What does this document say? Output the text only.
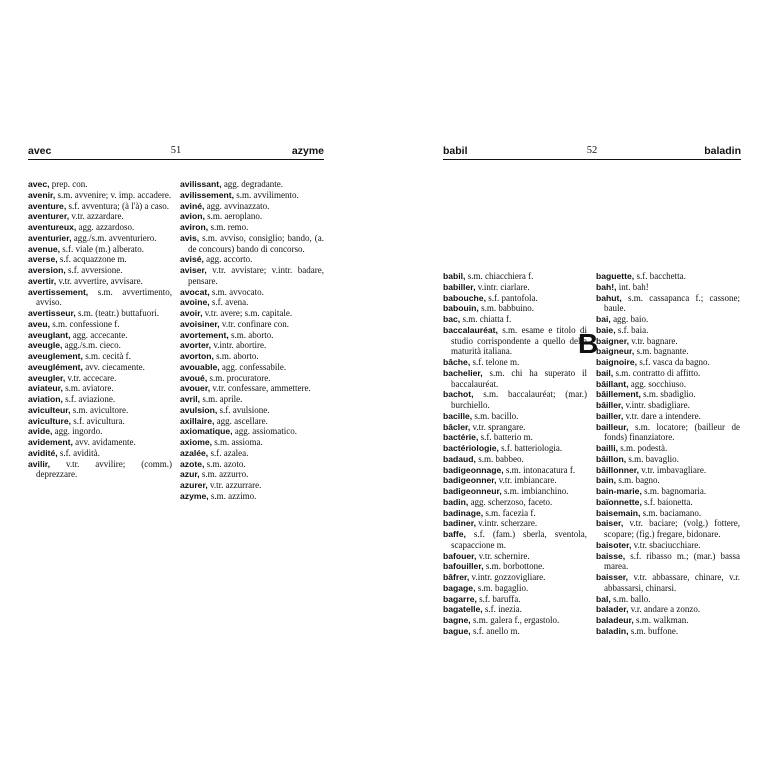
avec	51	azyme
avec, prep. con.
avenir, s.m. avvenire; v. imp. accadere.
aventure, s.f. avventura; (à l'à) a caso.
aventurer, v.tr. azzardare.
aventureux, agg. azzardoso.
aventurier, agg./s.m. avventuriero.
avenue, s.f. viale (m.) alberato.
averse, s.f. acquazzone m.
aversion, s.f. avversione.
avertir, v.tr. avvertire, avvisare.
avertissement, s.m. avvertimento, avviso.
avertisseur, s.m. (teatr.) buttafuori.
aveu, s.m. confessione f.
aveuglant, agg. accecante.
aveugle, agg./s.m. cieco.
aveuglement, s.m. cecità f.
aveuglément, avv. ciecamente.
aveugler, v.tr. accecare.
aviateur, s.m. aviatore.
aviation, s.f. aviazione.
aviculteur, s.m. avicultore.
aviculture, s.f. avicultura.
avide, agg. ingordo.
avidement, avv. avidamente.
avidité, s.f. avidità.
avilir, v.tr. avvilire; (comm.) deprezzare.
avilissant, agg. degradante.
avilissement, s.m. avvilimento.
aviné, agg. avvinazzato.
avion, s.m. aeroplano.
aviron, s.m. remo.
avis, s.m. avviso, consiglio; bando, (a. de concours) bando di concorso.
avisé, agg. accorto.
aviser, v.tr. avvistare; v.intr. badare, pensare.
avocat, s.m. avvocato.
avoine, s.f. avena.
avoir, v.tr. avere; s.m. capitale.
avoisiner, v.tr. confinare con.
avortement, s.m. aborto.
avorter, v.intr. abortire.
avorton, s.m. aborto.
avouable, agg. confessabile.
avoué, s.m. procuratore.
avouer, v.tr. confessare, ammettere.
avril, s.m. aprile.
avulsion, s.f. avulsione.
axillaire, agg. ascellare.
axiomatique, agg. assiomatico.
axiome, s.m. assioma.
azalée, s.f. azalea.
azote, s.m. azoto.
azur, s.m. azzurro.
azurer, v.tr. azzurrare.
azyme, s.m. azzimo.
babil	52	baladin
B
babil, s.m. chiacchiera f.
babiller, v.intr. ciarlare.
babouche, s.f. pantofola.
babouin, s.m. babbuino.
bac, s.m. chiatta f.
baccalauréat, s.m. esame e titolo di studio corrispondente a quello della maturità italiana.
bâche, s.f. telone m.
bachelier, s.m. chi ha superato il baccalauréat.
bachot, s.m. baccalauréat; (mar.) burchiello.
bacille, s.m. bacillo.
bâcler, v.tr. sprangare.
bactérie, s.f. batterio m.
bactériologie, s.f. batteriologia.
badaud, s.m. babbeo.
badigeonnage, s.m. intonacatura f.
badigeonner, v.tr. imbiancare.
badigeonneur, s.m. imbianchino.
badin, agg. scherzoso, faceto.
badinage, s.m. facezia f.
badiner, v.intr. scherzare.
baffe, s.f. (fam.) sberla, sventola, scapaccione m.
bafouer, v.tr. schernire.
bafouiller, s.m. borbottone.
bâfrer, v.intr. gozzovigliare.
bagage, s.m. bagaglio.
bagarre, s.f. baruffa.
bagatelle, s.f. inezia.
bagne, s.m. galera f., ergastolo.
bague, s.f. anello m.
baguette, s.f. bacchetta.
bah!, int. bah!
bahut, s.m. cassapanca f.; cassone; baule.
bai, agg. baio.
baie, s.f. baia.
baigner, v.tr. bagnare.
baigneur, s.m. bagnante.
baignoire, s.f. vasca da bagno.
bail, s.m. contratto di affitto.
bâillant, agg. socchiuso.
bâillement, s.m. sbadiglio.
bâiller, v.intr. sbadigliare.
bailler, v.tr. dare a intendere.
bailleur, s.m. locatore; (bailleur de fonds) finanziatore.
bailli, s.m. podestà.
bâillon, s.m. bavaglio.
bâillonner, v.tr. imbavagliare.
bain, s.m. bagno.
bain-marie, s.m. bagnomaria.
baïonnette, s.f. baionetta.
baisemain, s.m. baciamano.
baiser, v.tr. baciare; (volg.) fottere, scopare; (fig.) fregare, bidonare.
baisoter, v.tr. sbaciucchiare.
baisse, s.f. ribasso m.; (mar.) bassa marea.
baisser, v.tr. abbassare, chinare, v.r. abbassarsi, chinarsi.
bal, s.m. ballo.
balader, v.r. andare a zonzo.
baladeur, s.m. walkman.
baladin, s.m. buffone.
